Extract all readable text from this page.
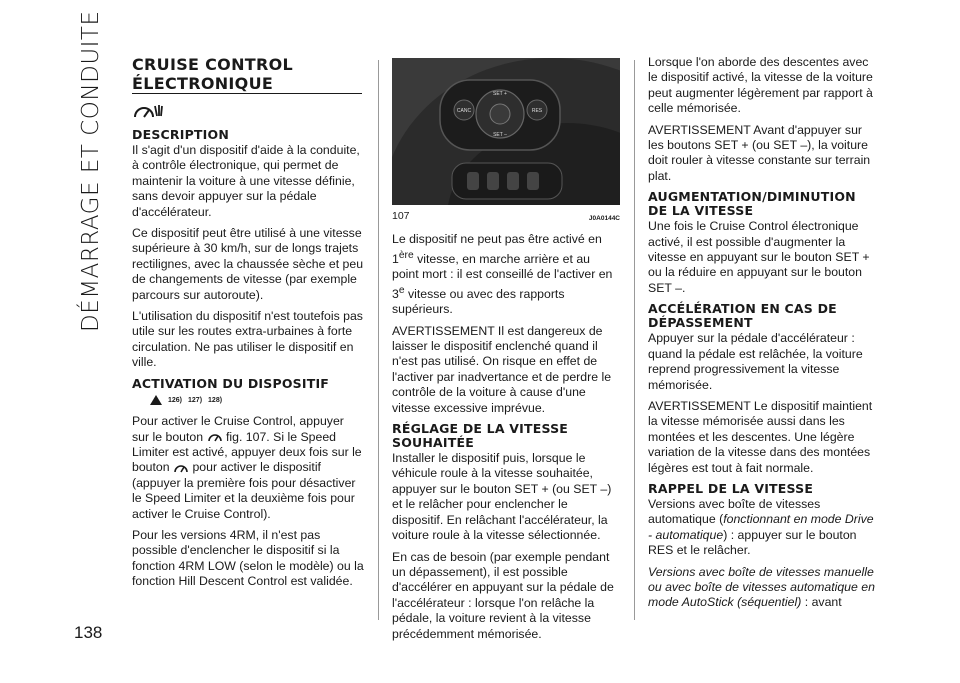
DÉMARRAGE ET CONDUITE
138
CRUISE CONTROL
ÉLECTRONIQUE
DESCRIPTION

Il s'agit d'un dispositif d'aide à la conduite, à contrôle électronique, qui permet de maintenir la voiture à une vitesse définie, sans devoir appuyer sur la pédale d'accélérateur.

Ce dispositif peut être utilisé à une vitesse supérieure à 30 km/h, sur de longs trajets rectilignes, avec la chaussée sèche et peu de changements de vitesse (par exemple parcours sur autoroute).

L'utilisation du dispositif n'est toutefois pas utile sur les routes extra-urbaines à forte circulation. Ne pas utiliser le dispositif en ville.

ACTIVATION DU DISPOSITIF
126) 127) 128)

Pour activer le Cruise Control, appuyer sur le bouton fig. 107. Si le Speed Limiter est activé, appuyer deux fois sur le bouton pour activer le dispositif (appuyer la première fois pour désactiver le Speed Limiter et la deuxième fois pour activer le Cruise Control).

Pour les versions 4RM, il n'est pas possible d'enclencher le dispositif si la fonction 4RM LOW (selon le modèle) ou la fonction Hill Descent Control est validée.

SET +
CANC	RES
SET –
107	J0A0144C

Le dispositif ne peut pas être activé en 1ère vitesse, en marche arrière et au point mort : il est conseillé de l'activer en 3e vitesse ou avec des rapports supérieurs.

AVERTISSEMENT Il est dangereux de laisser le dispositif enclenché quand il n'est pas utilisé. On risque en effet de l'activer par inadvertance et de perdre le contrôle de la voiture à cause d'une vitesse excessive imprévue.

RÉGLAGE DE LA VITESSE SOUHAITÉE

Installer le dispositif puis, lorsque le véhicule roule à la vitesse souhaitée, appuyer sur le bouton SET + (ou SET –) et le relâcher pour enclencher le dispositif. En relâchant l'accélérateur, la voiture roule à la vitesse sélectionnée.

En cas de besoin (par exemple pendant un dépassement), il est possible d'accélérer en appuyant sur la pédale de l'accélérateur : lorsque l'on relâche la pédale, la voiture revient à la vitesse précédemment mémorisée.

Lorsque l'on aborde des descentes avec le dispositif activé, la vitesse de la voiture peut augmenter légèrement par rapport à celle mémorisée.

AVERTISSEMENT Avant d'appuyer sur les boutons SET + (ou SET –), la voiture doit rouler à vitesse constante sur terrain plat.

AUGMENTATION/DIMINUTION DE LA VITESSE

Une fois le Cruise Control électronique activé, il est possible d'augmenter la vitesse en appuyant sur le bouton SET + ou la réduire en appuyant sur le bouton SET –.

ACCÉLÉRATION EN CAS DE DÉPASSEMENT

Appuyer sur la pédale d'accélérateur : quand la pédale est relâchée, la voiture reprend progressivement la vitesse mémorisée.

AVERTISSEMENT Le dispositif maintient la vitesse mémorisée aussi dans les montées et les descentes. Une légère variation de la vitesse dans des montées légères est tout à fait normale.

RAPPEL DE LA VITESSE

Versions avec boîte de vitesses automatique (fonctionnant en mode Drive - automatique) : appuyer sur le bouton RES et le relâcher.

Versions avec boîte de vitesses manuelle ou avec boîte de vitesses automatique en mode AutoStick (séquentiel) : avant
